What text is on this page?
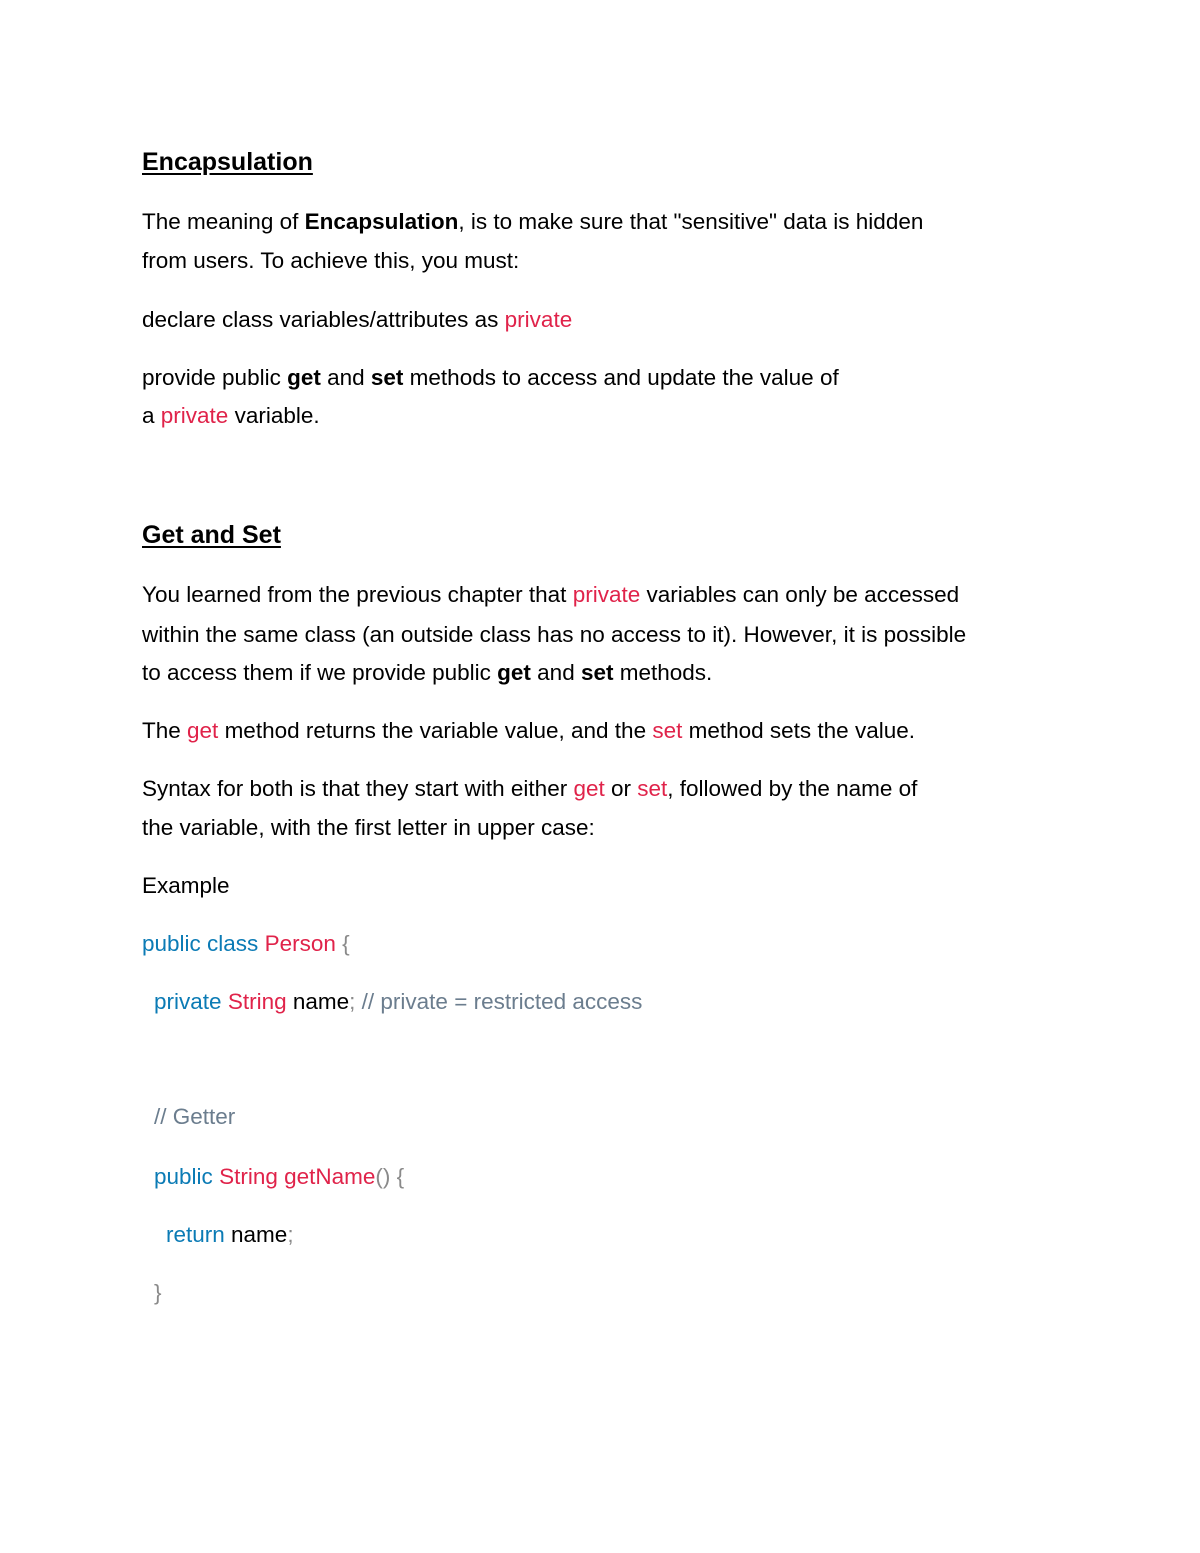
Encapsulation
The meaning of Encapsulation, is to make sure that "sensitive" data is hidden
from users. To achieve this, you must:
declare class variables/attributes as private
provide public get and set methods to access and update the value of
a private variable.
Get and Set
You learned from the previous chapter that private variables can only be accessed
within the same class (an outside class has no access to it). However, it is possible
to access them if we provide public get and set methods.
The get method returns the variable value, and the set method sets the value.
Syntax for both is that they start with either get or set, followed by the name of
the variable, with the first letter in upper case:
Example
public class Person {
private String name; // private = restricted access
// Getter
public String getName() {
return name;
}
